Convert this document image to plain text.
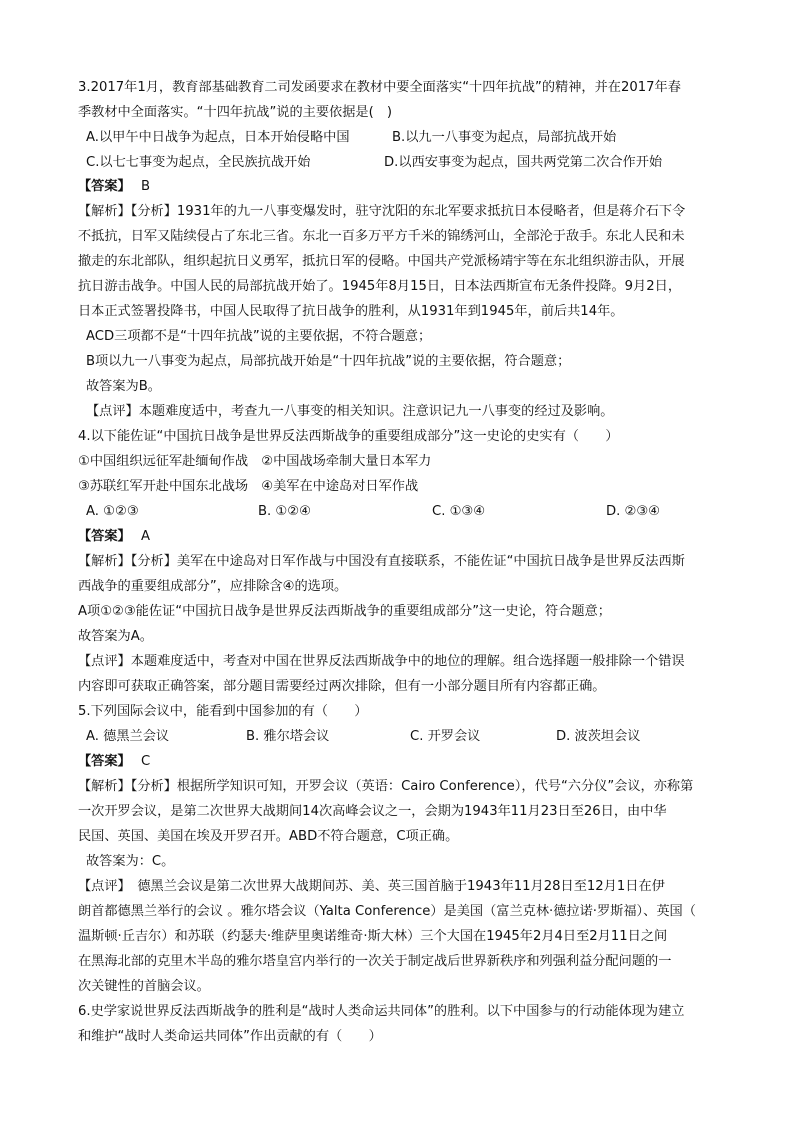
3.2017年1月，教育部基础教育二司发函要求在教材中要全面落实“十四年抗战”的精神，并在2017年春
季教材中全面落实。“十四年抗战”说的主要依据是(　)
A.以甲午中日战争为起点，日本开始侵略中国	B.以九一八事变为起点，局部抗战开始
C.以七七事变为起点，全民族抗战开始	D.以西安事变为起点，国共两党第二次合作开始
【答案】 B
【解析】【分析】1931年的九一八事变爆发时，驻守沈阳的东北军要求抵抗日本侵略者，但是蒋介石下令
不抵抗，日军又陆续侵占了东北三省。东北一百多万平方千米的锦绣河山，全部沦于敌手。东北人民和未
撤走的东北部队，组织起抗日义勇军，抵抗日军的侵略。中国共产党派杨靖宇等在东北组织游击队，开展
抗日游击战争。中国人民的局部抗战开始了。1945年8月15日，日本法西斯宣布无条件投降。9月2日，
日本正式签署投降书，中国人民取得了抗日战争的胜利，从1931年到1945年，前后共14年。
ACD三项都不是“十四年抗战”说的主要依据，不符合题意；
B项以九一八事变为起点，局部抗战开始是“十四年抗战”说的主要依据，符合题意；
故答案为B。
【点评】本题难度适中，考查九一八事变的相关知识。注意识记九一八事变的经过及影响。
4.以下能佐证“中国抗日战争是世界反法西斯战争的重要组成部分”这一史论的史实有（　　）
①中国组织远征军赴缅甸作战　②中国战场牵制大量日本军力
③苏联红军开赴中国东北战场　④美军在中途岛对日军作战
A. ①②③	B. ①②④	C. ①③④	D. ②③④
【答案】 A
【解析】【分析】美军在中途岛对日军作战与中国没有直接联系，不能佐证“中国抗日战争是世界反法西斯
西战争的重要组成部分”，应排除含④的选项。
A项①②③能佐证“中国抗日战争是世界反法西斯战争的重要组成部分”这一史论，符合题意；
故答案为A。
【点评】本题难度适中，考查对中国在世界反法西斯战争中的地位的理解。组合选择题一般排除一个错误
内容即可获取正确答案，部分题目需要经过两次排除，但有一小部分题目所有内容都正确。
5.下列国际会议中，能看到中国参加的有（　　）
A. 德黑兰会议	B. 雅尔塔会议	C. 开罗会议	D. 波茨坦会议
【答案】 C
【解析】【分析】根据所学知识可知，开罗会议（英语：Cairo Conference），代号“六分仪”会议，亦称第
一次开罗会议，是第二次世界大战期间14次高峰会议之一，会期为1943年11月23日至26日，由中华
民国、英国、美国在埃及开罗召开。ABD不符合题意，C项正确。
故答案为：C。
【点评】　德黑兰会议是第二次世界大战期间苏、美、英三国首脑于1943年11月28日至12月1日在伊
朗首都德黑兰举行的会议 。雅尔塔会议（Yalta Conference）是美国（富兰克林·德拉诺·罗斯福）、英国（
温斯顿·丘吉尔）和苏联（约瑟夫·维萨里奥诺维奇·斯大林）三个大国在1945年2月4日至2月11日之间
在黑海北部的克里木半岛的雅尔塔皇宫内举行的一次关于制定战后世界新秩序和列强利益分配问题的一
次关键性的首脑会议。
6.史学家说世界反法西斯战争的胜利是“战时人类命运共同体”的胜利。以下中国参与的行动能体现为建立
和维护“战时人类命运共同体”作出贡献的有（　　）
